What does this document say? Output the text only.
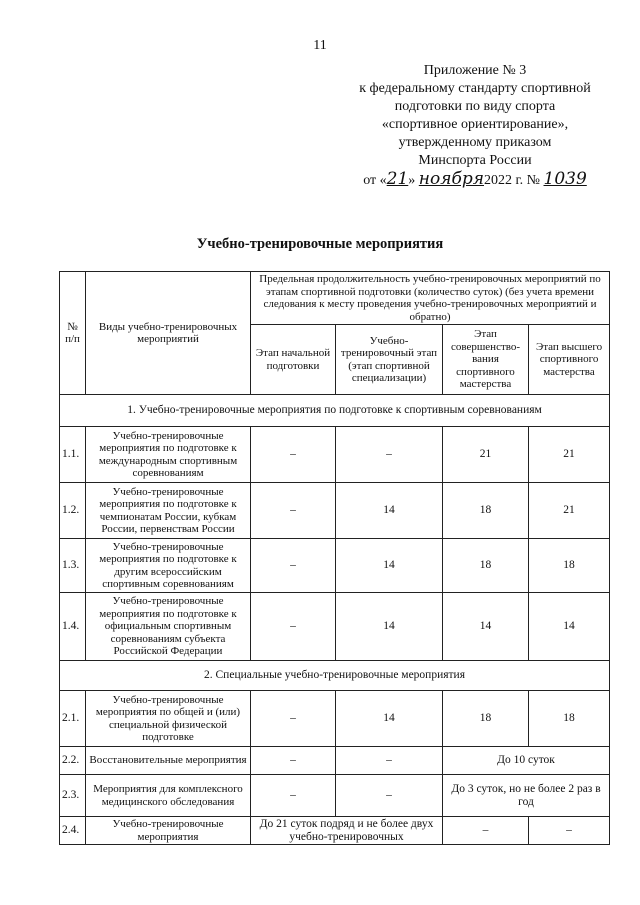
11
Приложение № 3
к федеральному стандарту спортивной
подготовки по виду спорта
«спортивное ориентирование»,
утвержденному приказом
Минспорта России
от «21» ноября2022 г. № 1039
Учебно-тренировочные мероприятия
№ п/п	Виды учебно-тренировочных мероприятий	Предельная продолжительность учебно-тренировочных мероприятий по этапам спортивной подготовки (количество суток) (без учета времени следования к месту проведения учебно-тренировочных мероприятий и обратно)			
		Этап начальной подготовки	Учебно-тренировочный этап (этап спортивной специализации)	Этап совершенство-вания спортивного мастерства	Этап высшего спортивного мастерства
1. Учебно-тренировочные мероприятия по подготовке к спортивным соревнованиям					
1.1.	Учебно-тренировочные мероприятия по подготовке к международным спортивным соревнованиям	–	–	21	21
1.2.	Учебно-тренировочные мероприятия по подготовке к чемпионатам России, кубкам России, первенствам России	–	14	18	21
1.3.	Учебно-тренировочные мероприятия по подготовке к другим всероссийским спортивным соревнованиям	–	14	18	18
1.4.	Учебно-тренировочные мероприятия по подготовке к официальным спортивным соревнованиям субъекта Российской Федерации	–	14	14	14
2. Специальные учебно-тренировочные мероприятия					
2.1.	Учебно-тренировочные мероприятия по общей и (или) специальной физической подготовке	–	14	18	18
2.2.	Восстановительные мероприятия	–	–	До 10 суток	
2.3.	Мероприятия для комплексного медицинского обследования	–	–	До 3 суток, но не более 2 раз в год	
2.4.	Учебно-тренировочные мероприятия	До 21 суток подряд и не более двух учебно-тренировочных		–	–
